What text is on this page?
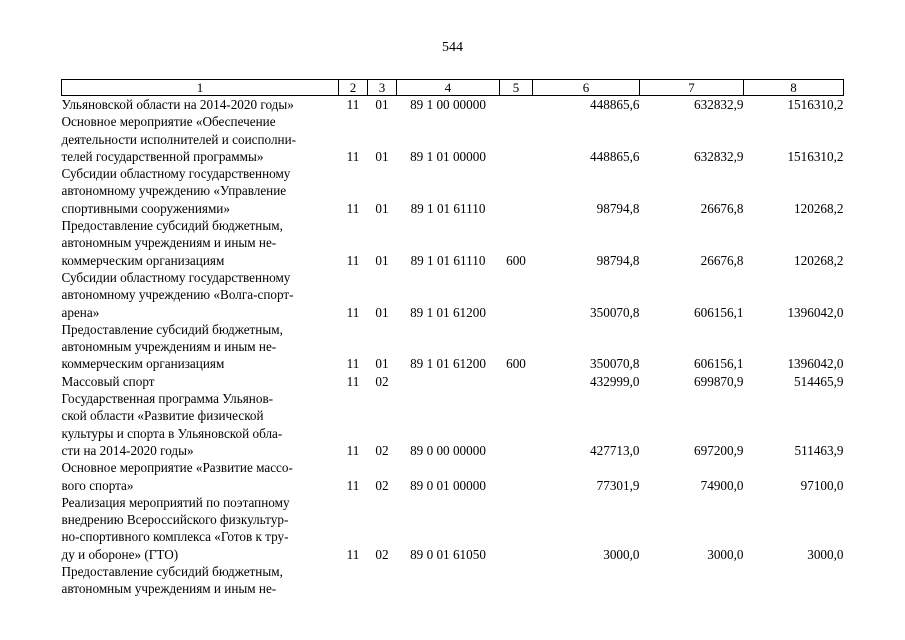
544
1	2	3	4	5	6	7	8

Ульяновской области на 2014-2020 годы»	11	01	89 1 00 00000		448865,6	632832,9	1516310,2

Основное мероприятие «Обеспечение
деятельности исполнителей и соисполни-
телей государственной программы»	11	01	89 1 01 00000		448865,6	632832,9	1516310,2

Субсидии областному государственному
автономному учреждению «Управление
спортивными сооружениями»	11	01	89 1 01 61110		98794,8	26676,8	120268,2

Предоставление субсидий бюджетным,
автономным учреждениям и иным не-
коммерческим организациям	11	01	89 1 01 61110	600	98794,8	26676,8	120268,2

Субсидии областному государственному
автономному учреждению «Волга-спорт-
арена»	11	01	89 1 01 61200		350070,8	606156,1	1396042,0

Предоставление субсидий бюджетным,
автономным учреждениям и иным не-
коммерческим организациям	11	01	89 1 01 61200	600	350070,8	606156,1	1396042,0

Массовый спорт	11	02			432999,0	699870,9	514465,9

Государственная программа Ульянов-
ской области «Развитие физической
культуры и спорта в Ульяновской обла-
сти на 2014-2020 годы»	11	02	89 0 00 00000		427713,0	697200,9	511463,9

Основное мероприятие «Развитие массо-
вого спорта»	11	02	89 0 01 00000		77301,9	74900,0	97100,0

Реализация мероприятий по поэтапному
внедрению Всероссийского физкультур-
но-спортивного комплекса «Готов к тру-
ду и обороне» (ГТО)	11	02	89 0 01 61050		3000,0	3000,0	3000,0

Предоставление субсидий бюджетным,
автономным учреждениям и иным не-							
